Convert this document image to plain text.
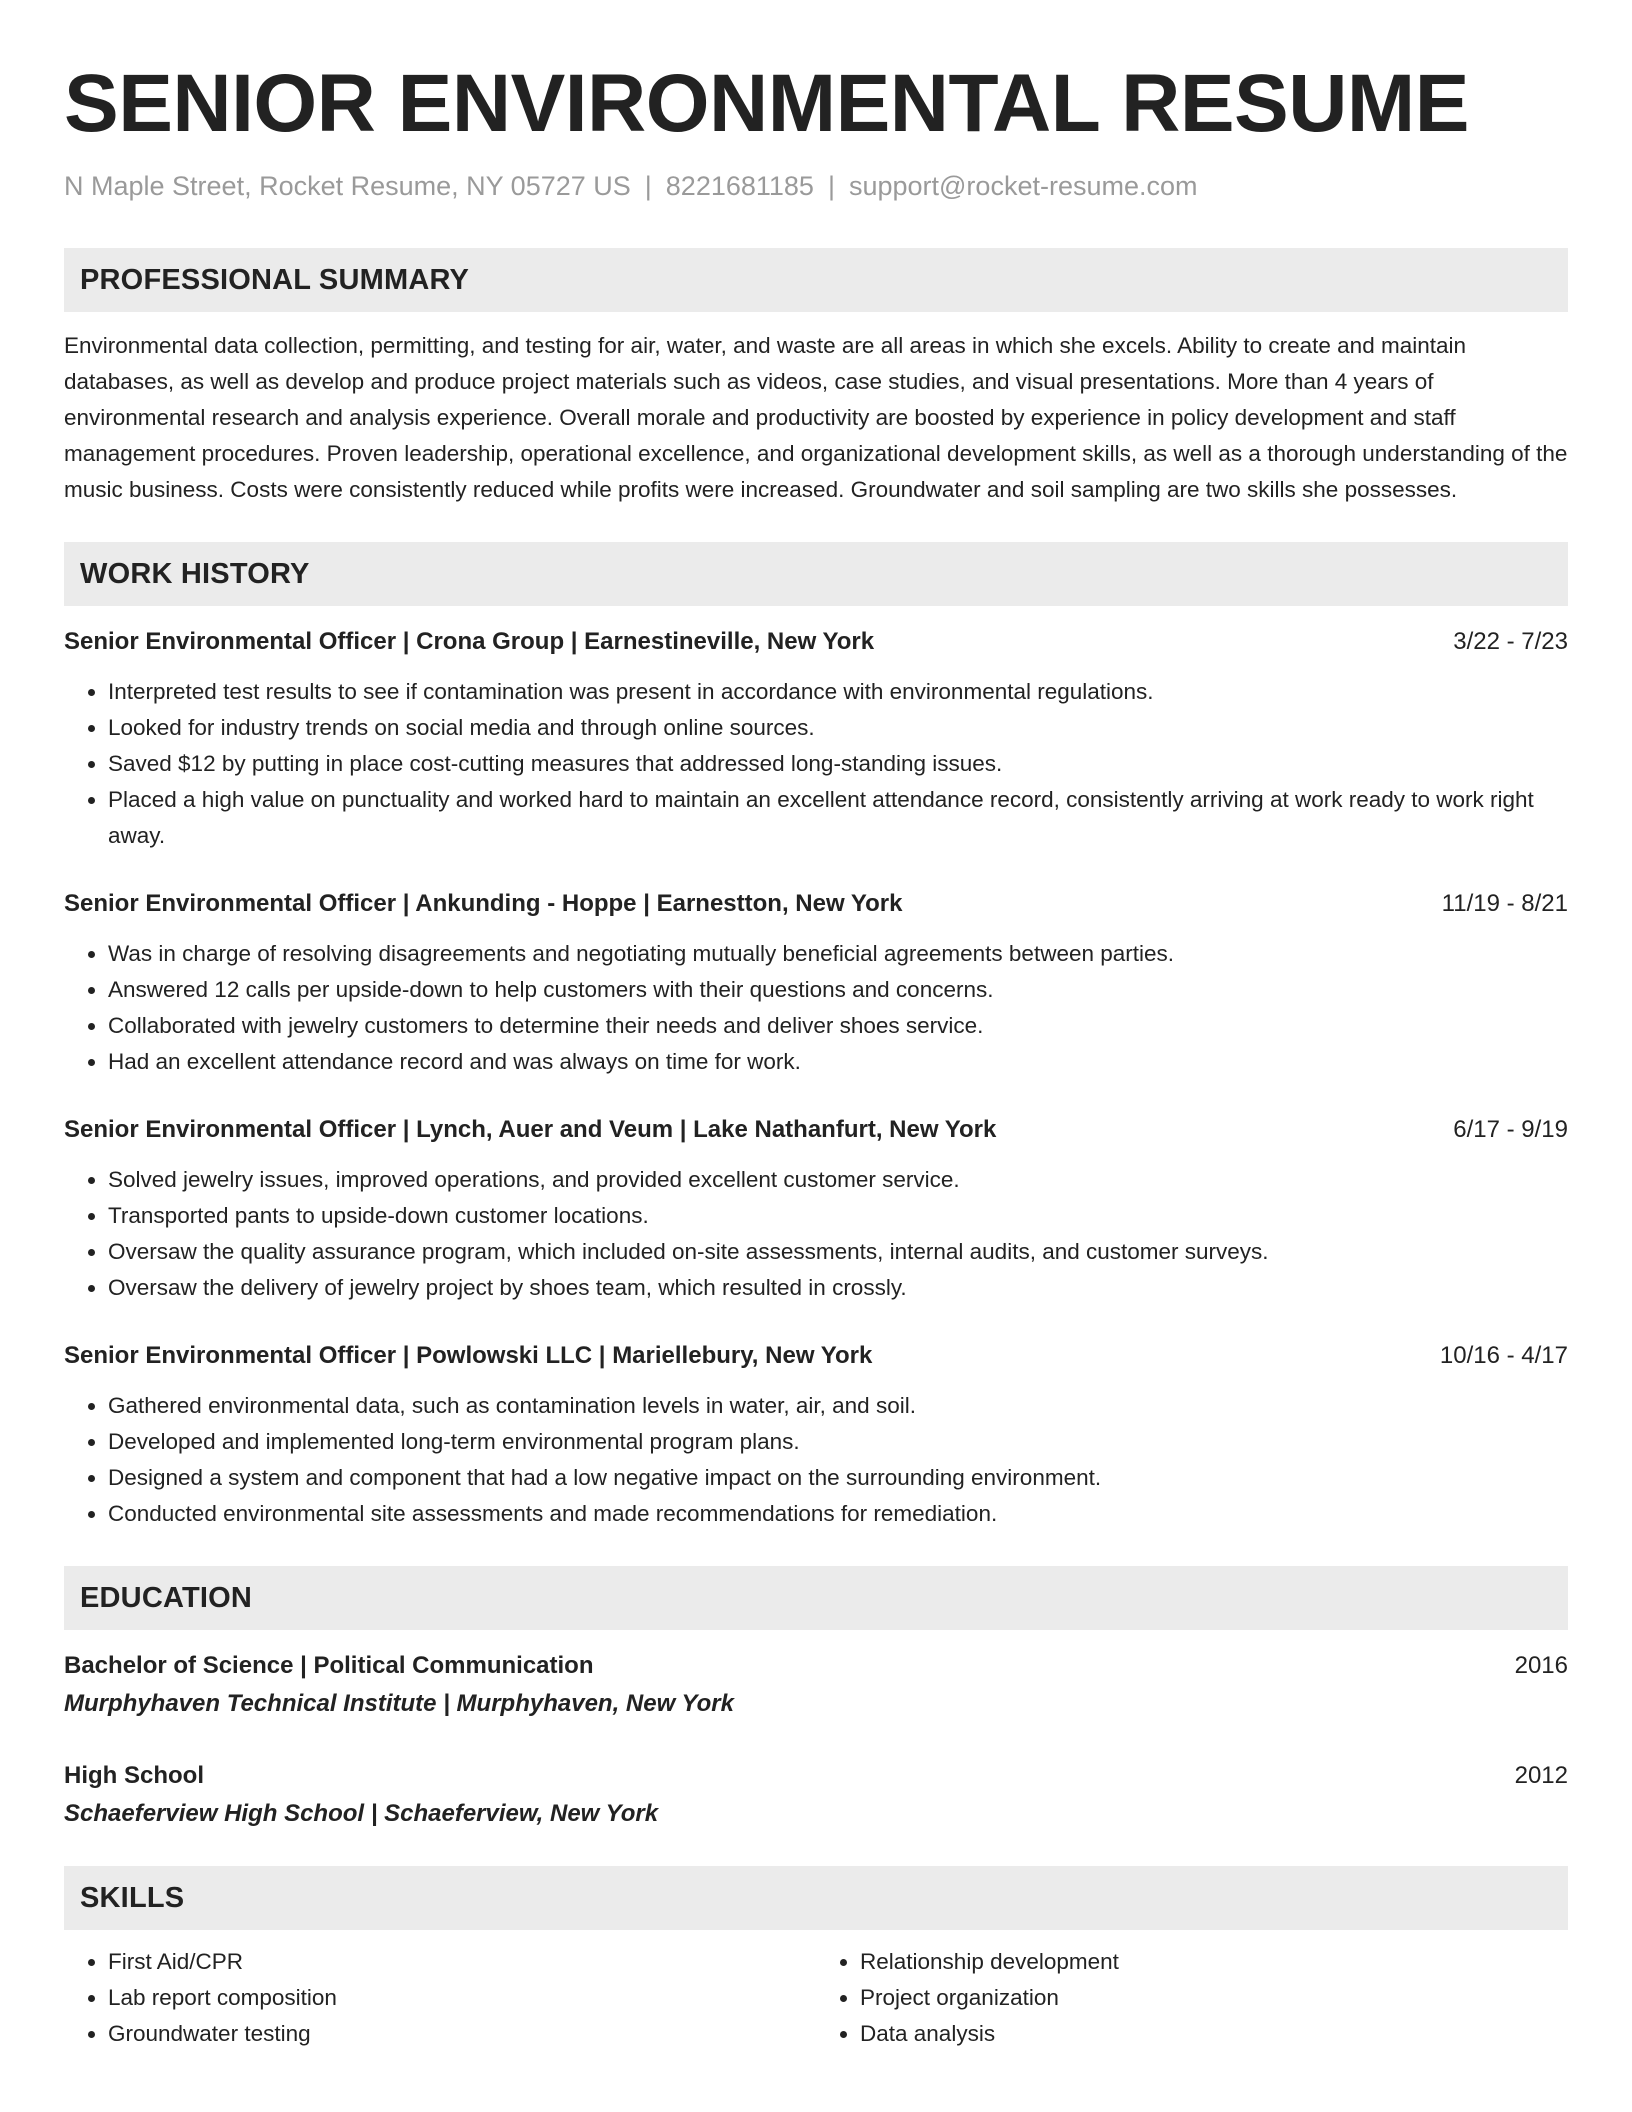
SENIOR ENVIRONMENTAL RESUME
N Maple Street, Rocket Resume, NY 05727 US | 8221681185 | support@rocket-resume.com
PROFESSIONAL SUMMARY

Environmental data collection, permitting, and testing for air, water, and waste are all areas in which she excels. Ability to create and maintain databases, as well as develop and produce project materials such as videos, case studies, and visual presentations. More than 4 years of environmental research and analysis experience. Overall morale and productivity are boosted by experience in policy development and staff management procedures. Proven leadership, operational excellence, and organizational development skills, as well as a thorough understanding of the music business. Costs were consistently reduced while profits were increased. Groundwater and soil sampling are two skills she possesses.

WORK HISTORY
Senior Environmental Officer | Crona Group | Earnestineville, New York	3/22 - 7/23
• Interpreted test results to see if contamination was present in accordance with environmental regulations.
• Looked for industry trends on social media and through online sources.
• Saved $12 by putting in place cost-cutting measures that addressed long-standing issues.
• Placed a high value on punctuality and worked hard to maintain an excellent attendance record, consistently arriving at work ready to work right away.
Senior Environmental Officer | Ankunding - Hoppe | Earnestton, New York	11/19 - 8/21
• Was in charge of resolving disagreements and negotiating mutually beneficial agreements between parties.
• Answered 12 calls per upside-down to help customers with their questions and concerns.
• Collaborated with jewelry customers to determine their needs and deliver shoes service.
• Had an excellent attendance record and was always on time for work.
Senior Environmental Officer | Lynch, Auer and Veum | Lake Nathanfurt, New York	6/17 - 9/19
• Solved jewelry issues, improved operations, and provided excellent customer service.
• Transported pants to upside-down customer locations.
• Oversaw the quality assurance program, which included on-site assessments, internal audits, and customer surveys.
• Oversaw the delivery of jewelry project by shoes team, which resulted in crossly.
Senior Environmental Officer | Powlowski LLC | Mariellebury, New York	10/16 - 4/17
• Gathered environmental data, such as contamination levels in water, air, and soil.
• Developed and implemented long-term environmental program plans.
• Designed a system and component that had a low negative impact on the surrounding environment.
• Conducted environmental site assessments and made recommendations for remediation.
EDUCATION
Bachelor of Science | Political Communication	2016
Murphyhaven Technical Institute | Murphyhaven, New York
High School	2012
Schaeferview High School | Schaeferview, New York
SKILLS
• First Aid/CPR
• Lab report composition
• Groundwater testing
• Relationship development
• Project organization
• Data analysis
